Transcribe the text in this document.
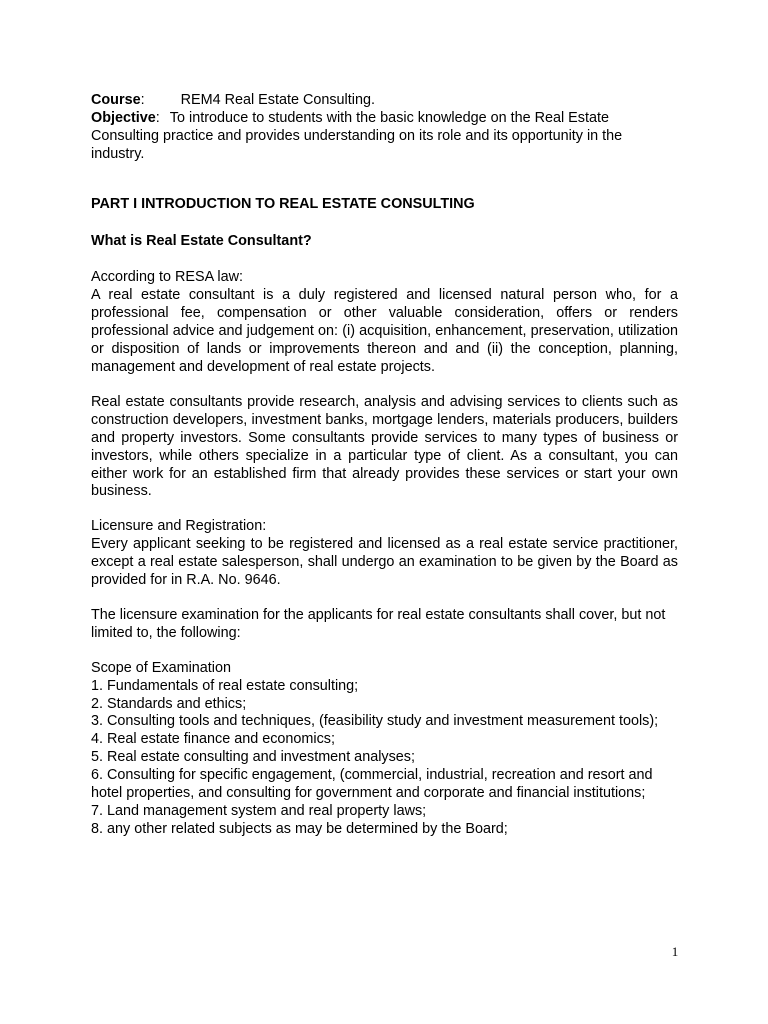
Course:	REM4 Real Estate Consulting.
Objective: To introduce to students with the basic knowledge on the Real Estate Consulting practice and provides understanding on its role and its opportunity in the industry.
PART I INTRODUCTION TO REAL ESTATE CONSULTING
What is Real Estate Consultant?
According to RESA law:
A real estate consultant is a duly registered and licensed natural person who, for a professional fee, compensation or other valuable consideration, offers or renders professional advice and judgement on: (i) acquisition, enhancement, preservation, utilization or disposition of lands or improvements thereon and and (ii) the conception, planning, management and development of real estate projects.
Real estate consultants provide research, analysis and advising services to clients such as construction developers, investment banks, mortgage lenders, materials producers, builders and property investors. Some consultants provide services to many types of business or investors, while others specialize in a particular type of client. As a consultant, you can either work for an established firm that already provides these services or start your own business.
Licensure and Registration:
Every applicant seeking to be registered and licensed as a real estate service practitioner, except a real estate salesperson, shall undergo an examination to be given by the Board as provided for in R.A. No. 9646.
The licensure examination for the applicants for real estate consultants shall cover, but not limited to, the following:
Scope of Examination
1. Fundamentals of real estate consulting;
2. Standards and ethics;
3. Consulting tools and techniques, (feasibility study and investment measurement tools);
4. Real estate finance and economics;
5. Real estate consulting and investment analyses;
6. Consulting for specific engagement, (commercial, industrial, recreation and resort and hotel properties, and consulting for government and corporate and financial institutions;
7. Land management system and real property laws;
8. any other related subjects as may be determined by the Board;
1
